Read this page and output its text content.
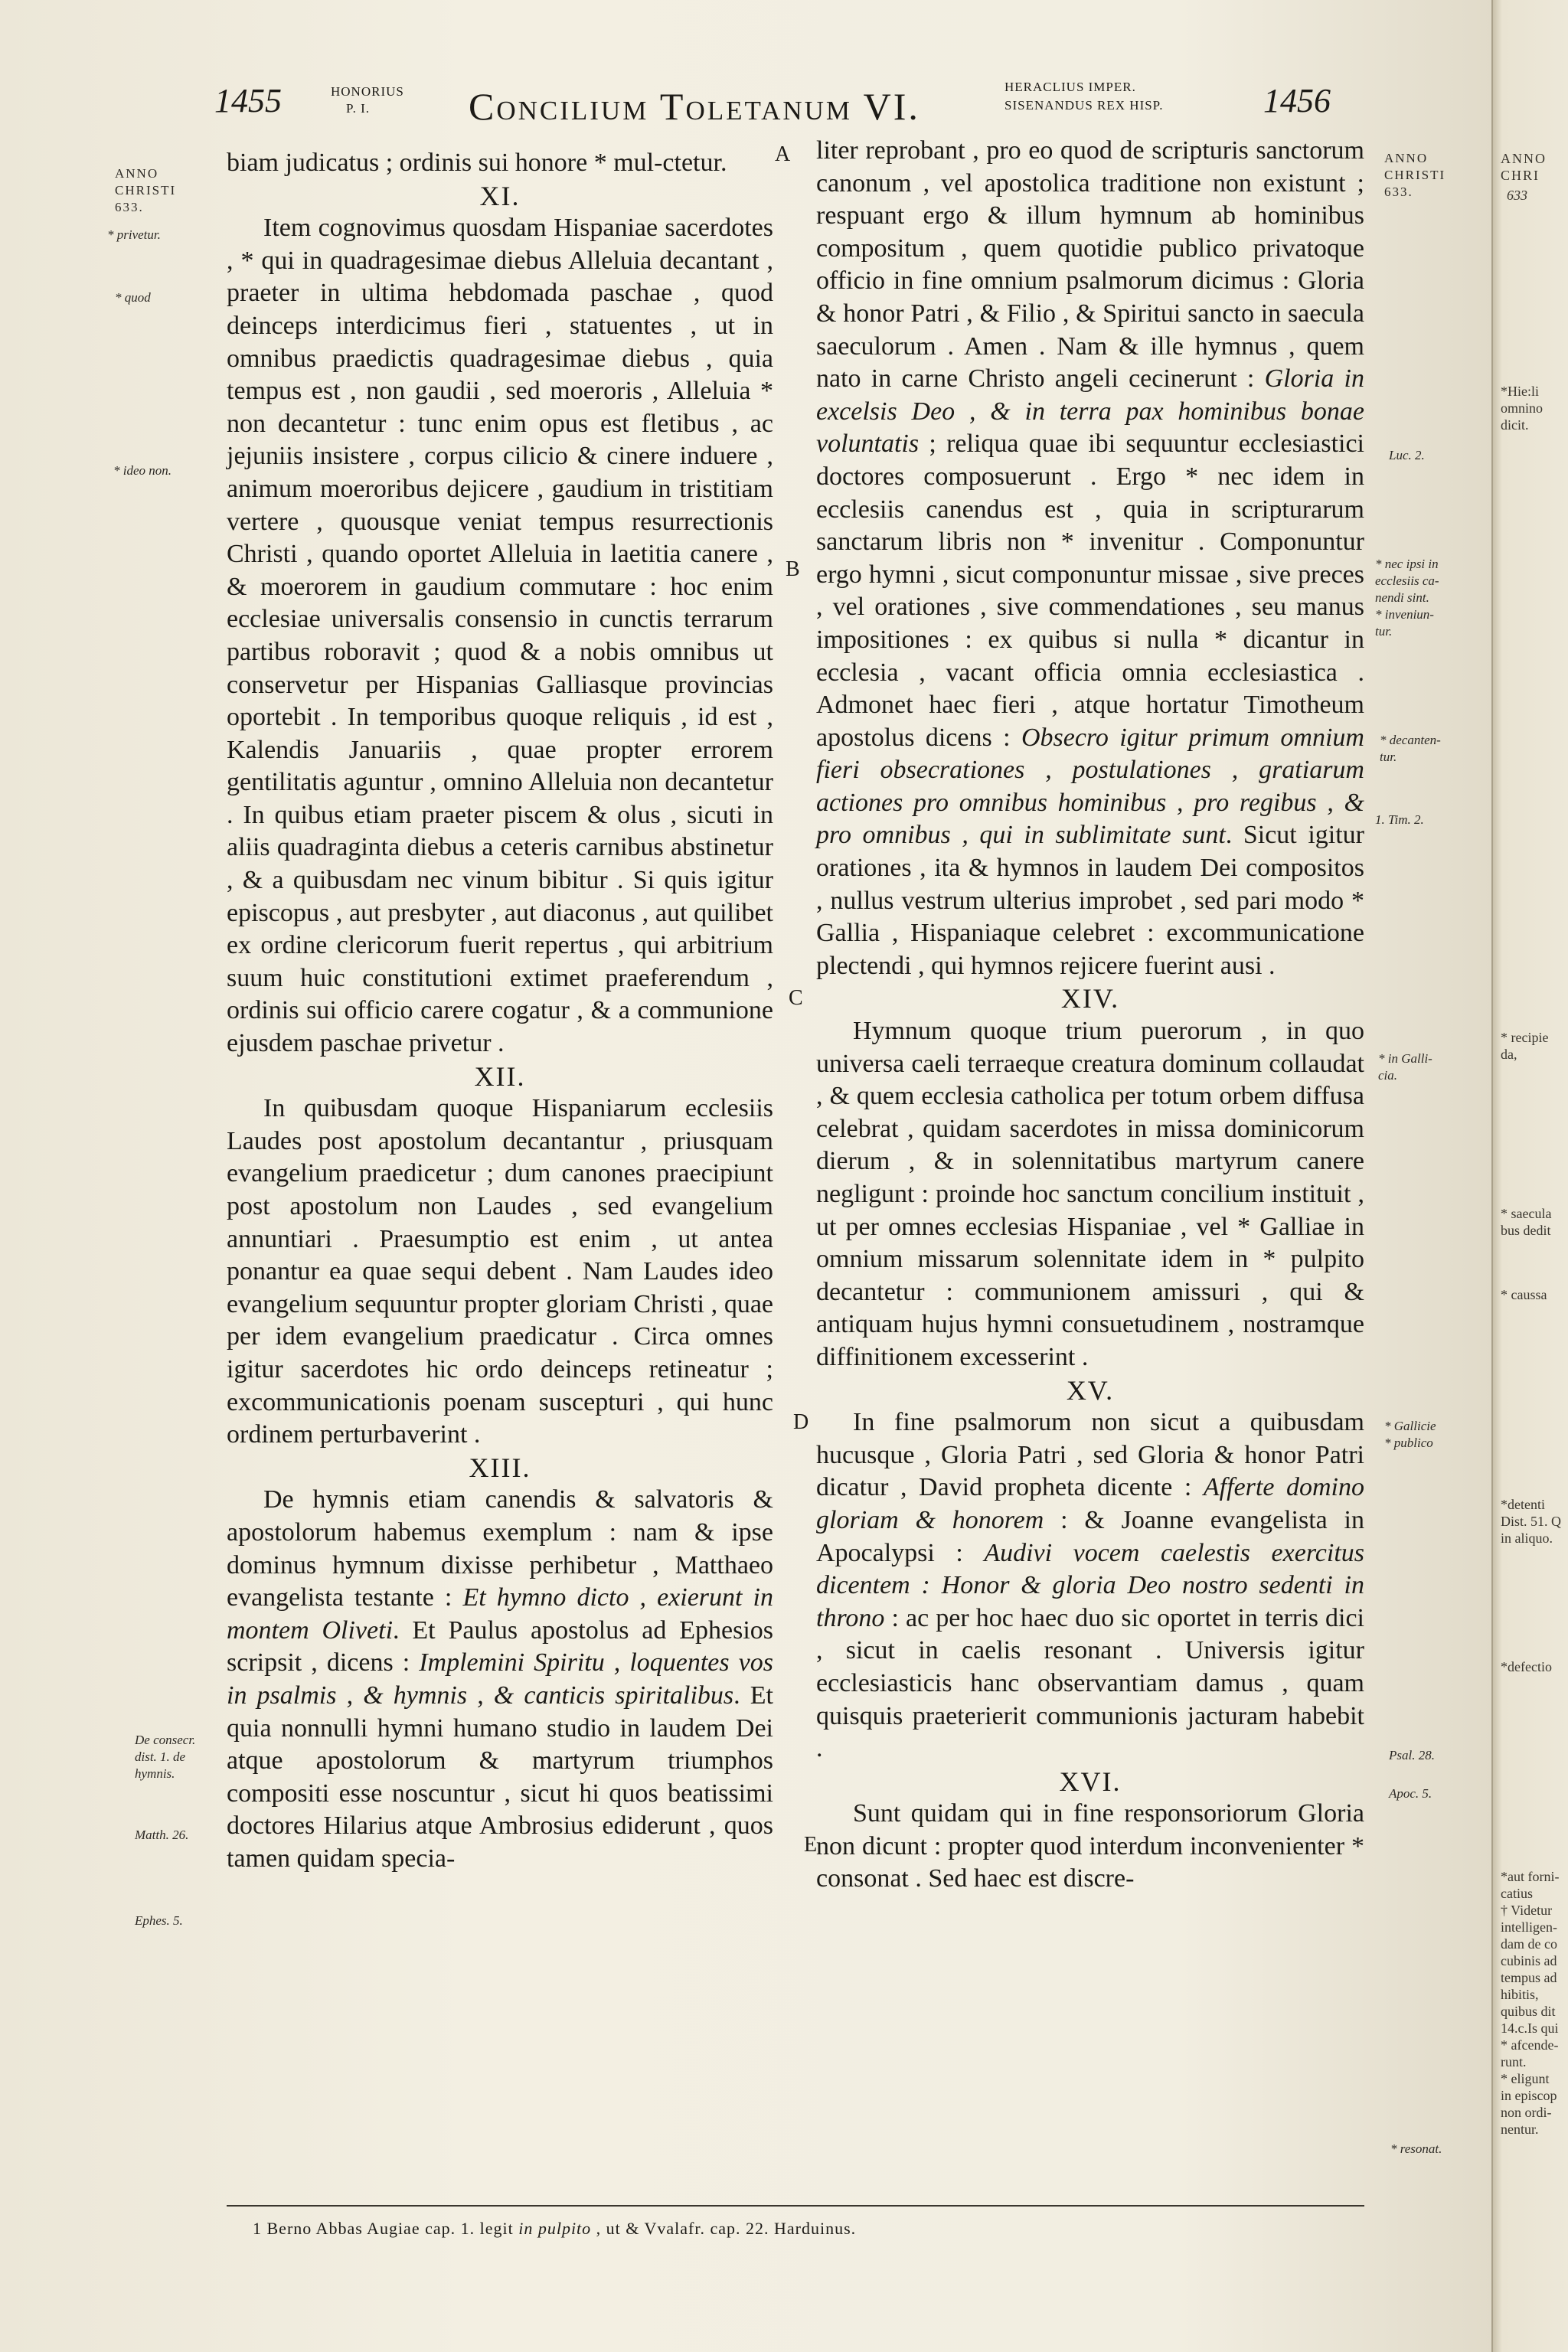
1455	HONORIUS
P. I.	Concilium Toletanum VI.	HERACLIUS IMPER.
SISENANDUS REX HISP.	1456
ANNO
CHRISTI
633.
* privetur.
* quod
* ideo non.
De consecr.
dist. 1. de
hymnis.
Matth. 26.
Ephes. 5.

biam judicatus ; ordinis sui honore * mul-ctetur.

XI.

Item cognovimus quosdam Hispaniae sacerdotes , * qui in quadragesimae diebus Alleluia decantant , praeter in ultima hebdomada paschae , quod deinceps interdicimus fieri , statuentes , ut in omnibus praedictis quadragesimae diebus , quia tempus est , non gaudii , sed moeroris , Alleluia * non decantetur : tunc enim opus est fletibus , ac jejuniis insistere , corpus cilicio & cinere induere , animum moeroribus dejicere , gaudium in tristitiam vertere , quousque veniat tempus resurrectionis Christi , quando oportet Alleluia in laetitia canere , & moerorem in gaudium commutare : hoc enim ecclesiae universalis consensio in cunctis terrarum partibus roboravit ; quod & a nobis omnibus ut conservetur per Hispanias Galliasque provincias oportebit . In temporibus quoque reliquis , id est , Kalendis Januariis , quae propter errorem gentilitatis aguntur , omnino Alleluia non decantetur . In quibus etiam praeter piscem & olus , sicuti in aliis quadraginta diebus a ceteris carnibus abstinetur , & a quibusdam nec vinum bibitur . Si quis igitur episcopus , aut presbyter , aut diaconus , aut quilibet ex ordine clericorum fuerit repertus , qui arbitrium suum huic constitutioni extimet praeferendum , ordinis sui officio carere cogatur , & a communione ejusdem paschae privetur .

XII.

In quibusdam quoque Hispaniarum ecclesiis Laudes post apostolum decantantur , priusquam evangelium praedicetur ; dum canones praecipiunt post apostolum non Laudes , sed evangelium annuntiari . Praesumptio est enim , ut antea ponantur ea quae sequi debent . Nam Laudes ideo evangelium sequuntur propter gloriam Christi , quae per idem evangelium praedicatur . Circa omnes igitur sacerdotes hic ordo deinceps retineatur ; excommunicationis poenam suscepturi , qui hunc ordinem perturbaverint .

XIII.

De hymnis etiam canendis & salvatoris & apostolorum habemus exemplum : nam & ipse dominus hymnum dixisse perhibetur , Matthaeo evangelista testante : Et hymno dicto , exierunt in montem Oliveti. Et Paulus apostolus ad Ephesios scripsit , dicens : Implemini Spiritu , loquentes vos in psalmis , & hymnis , & canticis spiritalibus. Et quia nonnulli hymni humano studio in laudem Dei atque apostolorum & martyrum triumphos compositi esse noscuntur , sicut hi quos beatissimi doctores Hilarius atque Ambrosius ediderunt , quos tamen quidam specia-

A
B
C
D
E

liter reprobant , pro eo quod de scripturis sanctorum canonum , vel apostolica traditione non existunt ; respuant ergo & illum hymnum ab hominibus compositum , quem quotidie publico privatoque officio in fine omnium psalmorum dicimus : Gloria & honor Patri , & Filio , & Spiritui sancto in saecula saeculorum . Amen . Nam & ille hymnus , quem nato in carne Christo angeli cecinerunt : Gloria in excelsis Deo , & in terra pax hominibus bonae voluntatis ; reliqua quae ibi sequuntur ecclesiastici doctores composuerunt . Ergo * nec idem in ecclesiis canendus est , quia in scripturarum sanctarum libris non * invenitur . Componuntur ergo hymni , sicut componuntur missae , sive preces , vel orationes , sive commendationes , seu manus impositiones : ex quibus si nulla * dicantur in ecclesia , vacant officia omnia ecclesiastica . Admonet haec fieri , atque hortatur Timotheum apostolus dicens : Obsecro igitur primum omnium fieri obsecrationes , postulationes , gratiarum actiones pro omnibus hominibus , pro regibus , & pro omnibus , qui in sublimitate sunt. Sicut igitur orationes , ita & hymnos in laudem Dei compositos , nullus vestrum ulterius improbet , sed pari modo * Gallia , Hispaniaque celebret : excommunicatione plectendi , qui hymnos rejicere fuerint ausi .

XIV.

Hymnum quoque trium puerorum , in quo universa caeli terraeque creatura dominum collaudat , & quem ecclesia catholica per totum orbem diffusa celebrat , quidam sacerdotes in missa dominicorum dierum , & in solennitatibus martyrum canere negligunt : proinde hoc sanctum concilium instituit , ut per omnes ecclesias Hispaniae , vel * Galliae in omnium missarum solennitate idem in * pulpito decantetur : communionem amissuri , qui & antiquam hujus hymni consuetudinem , nostramque diffinitionem excesserint .

XV.

In fine psalmorum non sicut a quibusdam hucusque , Gloria Patri , sed Gloria & honor Patri dicatur , David propheta dicente : Afferte domino gloriam & honorem : & Joanne evangelista in Apocalypsi : Audivi vocem caelestis exercitus dicentem : Honor & gloria Deo nostro sedenti in throno : ac per hoc haec duo sic oportet in terris dici , sicut in caelis resonant . Universis igitur ecclesiasticis hanc observantiam damus , quam quisquis praeterierit communionis jacturam habebit .

XVI.

Sunt quidam qui in fine responsoriorum Gloria non dicunt : propter quod interdum inconvenienter * consonat . Sed haec est discre-

ANNO
CHRISTI
633.
Luc. 2.
* nec ipsi in
ecclesiis ca-
nendi sint.
* inveniun-
tur.
* decanten-
tur.
1. Tim. 2.
* in Galli-
cia.
* Gallicie
* publico
Psal. 28.
Apoc. 5.
* resonat.
1 Berno Abbas Augiae cap. 1. legit in pulpito , ut & Vvalafr. cap. 22. Harduinus.
ANNO
CHRI
633
*Hie:li
omnino
dicit.
* recipie
da,
* saecula
bus dedit
* caussa
*detenti
Dist. 51. Q
in aliquo.
*defectio
*aut forni-
catius
† Videtur
intelligen-
dam de co
cubinis ad
tempus ad
hibitis,
quibus dit
14.c.Is qui
* afcende-
runt.
* eligunt
in episcop
non ordi-
nentur.
